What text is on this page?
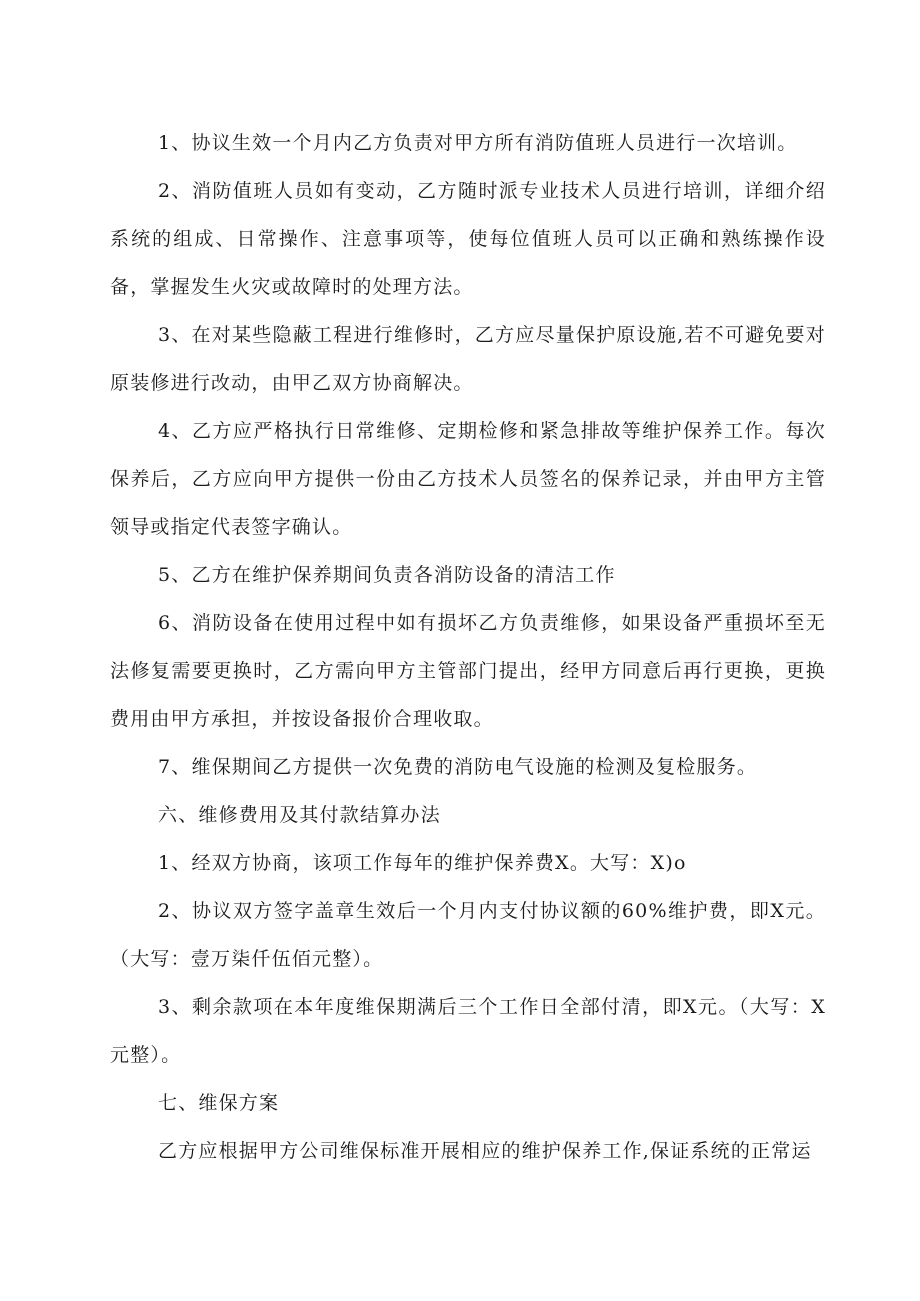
1、协议生效一个月内乙方负责对甲方所有消防值班人员进行一次培训。

2、消防值班人员如有变动，乙方随时派专业技术人员进行培训，详细介绍系统的组成、日常操作、注意事项等，使每位值班人员可以正确和熟练操作设备，掌握发生火灾或故障时的处理方法。

3、在对某些隐蔽工程进行维修时，乙方应尽量保护原设施,若不可避免要对原装修进行改动，由甲乙双方协商解决。

4、乙方应严格执行日常维修、定期检修和紧急排故等维护保养工作。每次保养后，乙方应向甲方提供一份由乙方技术人员签名的保养记录，并由甲方主管领导或指定代表签字确认。

5、乙方在维护保养期间负责各消防设备的清洁工作

6、消防设备在使用过程中如有损坏乙方负责维修，如果设备严重损坏至无法修复需要更换时，乙方需向甲方主管部门提出，经甲方同意后再行更换，更换费用由甲方承担，并按设备报价合理收取。

7、维保期间乙方提供一次免费的消防电气设施的检测及复检服务。

六、维修费用及其付款结算办法

1、经双方协商，该项工作每年的维护保养费X。大写：X)o

2、协议双方签字盖章生效后一个月内支付协议额的60%维护费，即X元。（大写：壹万柒仟伍佰元整）。

3、剩余款项在本年度维保期满后三个工作日全部付清，即X元。（大写：X元整）。

七、维保方案

乙方应根据甲方公司维保标准开展相应的维护保养工作,保证系统的正常运
